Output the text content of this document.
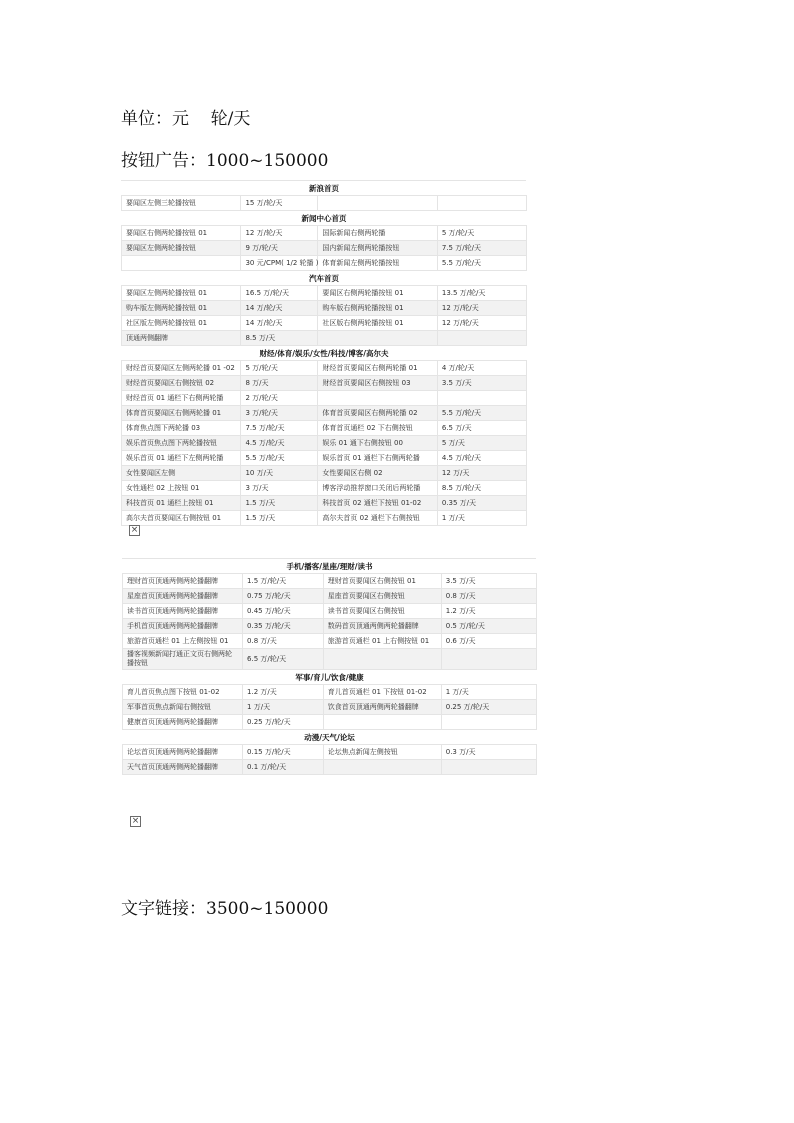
单位：元    轮/天

按钮广告：1000~150000

新浪首页			
要闻区左侧三轮播按钮	15 万/轮/天		
新闻中心首页			
要闻区右侧两轮播按钮 01	12 万/轮/天	国际新闻右侧两轮播	5 万/轮/天
要闻区左侧两轮播按钮	9 万/轮/天	国内新闻左侧两轮播按钮	7.5 万/轮/天
	30 元/CPM( 1/2 轮播 )	体育新闻左侧两轮播按钮	5.5 万/轮/天
汽车首页			
要闻区左侧两轮播按钮 01	16.5 万/轮/天	要闻区右侧两轮播按钮 01	13.5 万/轮/天
购车版左侧两轮播按钮 01	14 万/轮/天	购车版右侧两轮播按钮 01	12 万/轮/天
社区版左侧两轮播按钮 01	14 万/轮/天	社区版右侧两轮播按钮 01	12 万/轮/天
顶通两侧翻牌	8.5 万/天		
财经/体育/娱乐/女性/科技/博客/高尔夫			
财经首页要闻区左侧两轮播 01 -02	5 万/轮/天	财经首页要闻区右侧两轮播 01	4 万/轮/天
财经首页要闻区右侧按钮 02	8 万/天	财经首页要闻区右侧按钮 03	3.5 万/天
财经首页 01 通栏下右侧两轮播	2 万/轮/天		
体育首页要闻区右侧两轮播 01	3 万/轮/天	体育首页要闻区右侧两轮播 02	5.5 万/轮/天
体育焦点图下两轮播 03	7.5 万/轮/天	体育首页通栏 02 下右侧按钮	6.5 万/天
娱乐首页焦点图下两轮播按钮	4.5 万/轮/天	娱乐 01 通下右侧按钮 00	5 万/天
娱乐首页 01 通栏下左侧两轮播	5.5 万/轮/天	娱乐首页 01 通栏下右侧两轮播	4.5 万/轮/天
女性要闻区左侧	10 万/天	女性要闻区右侧 02	12 万/天
女性通栏 02 上按钮 01	3 万/天	博客浮动推荐窗口关闭后两轮播	8.5 万/轮/天
科技首页 01 通栏上按钮 01	1.5 万/天	科技首页 02 通栏下按钮 01-02	0.35 万/天
高尔夫首页要闻区右侧按钮 01	1.5 万/天	高尔夫首页 02 通栏下右侧按钮	1 万/天
×
手机/播客/星座/理财/读书			
理财首页顶通两侧两轮播翻牌	1.5 万/轮/天	理财首页要闻区右侧按钮 01	3.5 万/天
星座首页顶通两侧两轮播翻牌	0.75 万/轮/天	星座首页要闻区右侧按钮	0.8 万/天
读书首页顶通两侧两轮播翻牌	0.45 万/轮/天	读书首页要闻区右侧按钮	1.2 万/天
手机首页顶通两侧两轮播翻牌	0.35 万/轮/天	数码首页顶通两侧两轮播翻牌	0.5 万/轮/天
旅游首页通栏 01 上左侧按钮 01	0.8 万/天	旅游首页通栏 01 上右侧按钮 01	0.6 万/天
播客视频新闻打通正文页右侧两轮播按钮	6.5 万/轮/天		
军事/育儿/饮食/健康			
育儿首页焦点图下按钮 01-02	1.2 万/天	育儿首页通栏 01 下按钮 01-02	1 万/天
军事首页焦点新闻右侧按钮	1 万/天	饮食首页顶通两侧两轮播翻牌	0.25 万/轮/天
健康首页顶通两侧两轮播翻牌	0.25 万/轮/天		
动漫/天气/论坛			
论坛首页顶通两侧两轮播翻牌	0.15 万/轮/天	论坛焦点新闻左侧按钮	0.3 万/天
天气首页顶通两侧两轮播翻牌	0.1 万/轮/天		
×

文字链接：3500~150000
